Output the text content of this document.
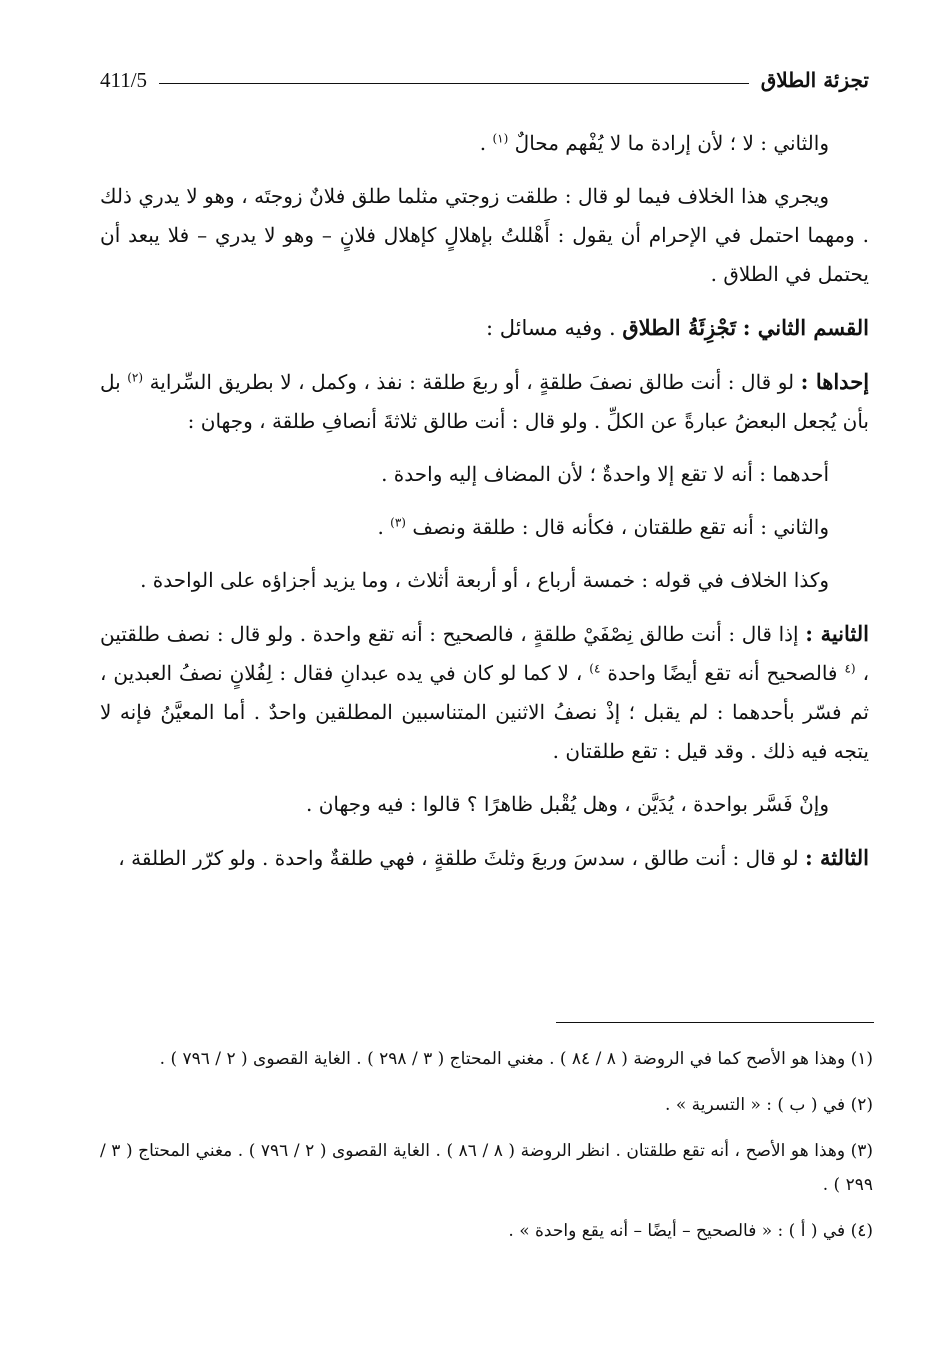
تجزئة الطلاق
411/5

والثاني : لا ؛ لأن إرادة ما لا يُفْهم محالٌ $^{(١)}$ .

ويجري هذا الخلاف فيما لو قال : طلقت زوجتي مثلما طلق فلانٌ زوجتَه ، وهو لا يدري ذلك . ومهما احتمل في الإحرام أن يقول : أَهْللتُ بإهلالٍ كإهلال فلانٍ – وهو لا يدري – فلا يبعد أن يحتمل في الطلاق .

القسم الثاني : تَجْزِئَةُ الطلاق . وفيه مسائل :

إحداها : لو قال : أنت طالق نصفَ طلقةٍ ، أو ربعَ طلقة : نفذ ، وكمل ، لا بطريق السِّراية $^{(٢)}$ بل بأن يُجعل البعضُ عبارةً عن الكلِّ . ولو قال : أنت طالق ثلاثةَ أنصافِ طلقة ، وجهان :

أحدهما : أنه لا تقع إلا واحدةٌ ؛ لأن المضاف إليه واحدة .

والثاني : أنه تقع طلقتان ، فكأنه قال : طلقة ونصف $^{(٣)}$ .

وكذا الخلاف في قوله : خمسة أرباع ، أو أربعة أثلاث ، وما يزيد أجزاؤه على الواحدة .

الثانية : إذا قال : أنت طالق نِصْفَيْ طلقةٍ ، فالصحيح : أنه تقع واحدة . ولو قال : نصف طلقتين ، $^{(٤}$ فالصحيح أنه تقع أيضًا واحدة $^{٤)}$ ، لا كما لو كان في يده عبدانِ فقال : لِفُلانٍ نصفُ العبدين ، ثم فسّر بأحدهما : لم يقبل ؛ إذْ نصفُ الاثنين المتناسبين المطلقين واحدٌ . أما المعيَّنُ فإنه لا يتجه فيه ذلك . وقد قيل : تقع طلقتان .

وإنْ فَسَّر بواحدة ، يُدَيَّن ، وهل يُقْبل ظاهرًا ؟ قالوا : فيه وجهان .

الثالثة : لو قال : أنت طالق ، سدسَ وربعَ وثلثَ طلقةٍ ، فهي طلقةٌ واحدة . ولو كرّر الطلقة ،

(١) وهذا هو الأصح كما في الروضة ( ٨ / ٨٤ ) . مغني المحتاج ( ٣ / ٢٩٨ ) . الغاية القصوى ( ٢ / ٧٩٦ ) .

(٢) في ( ب ) : « التسرية » .

(٣) وهذا هو الأصح ، أنه تقع طلقتان . انظر الروضة ( ٨ / ٨٦ ) . الغاية القصوى ( ٢ / ٧٩٦ ) . مغني المحتاج ( ٣ / ٢٩٩ ) .

(٤) في ( أ ) : « فالصحيح – أيضًا – أنه يقع واحدة » .
